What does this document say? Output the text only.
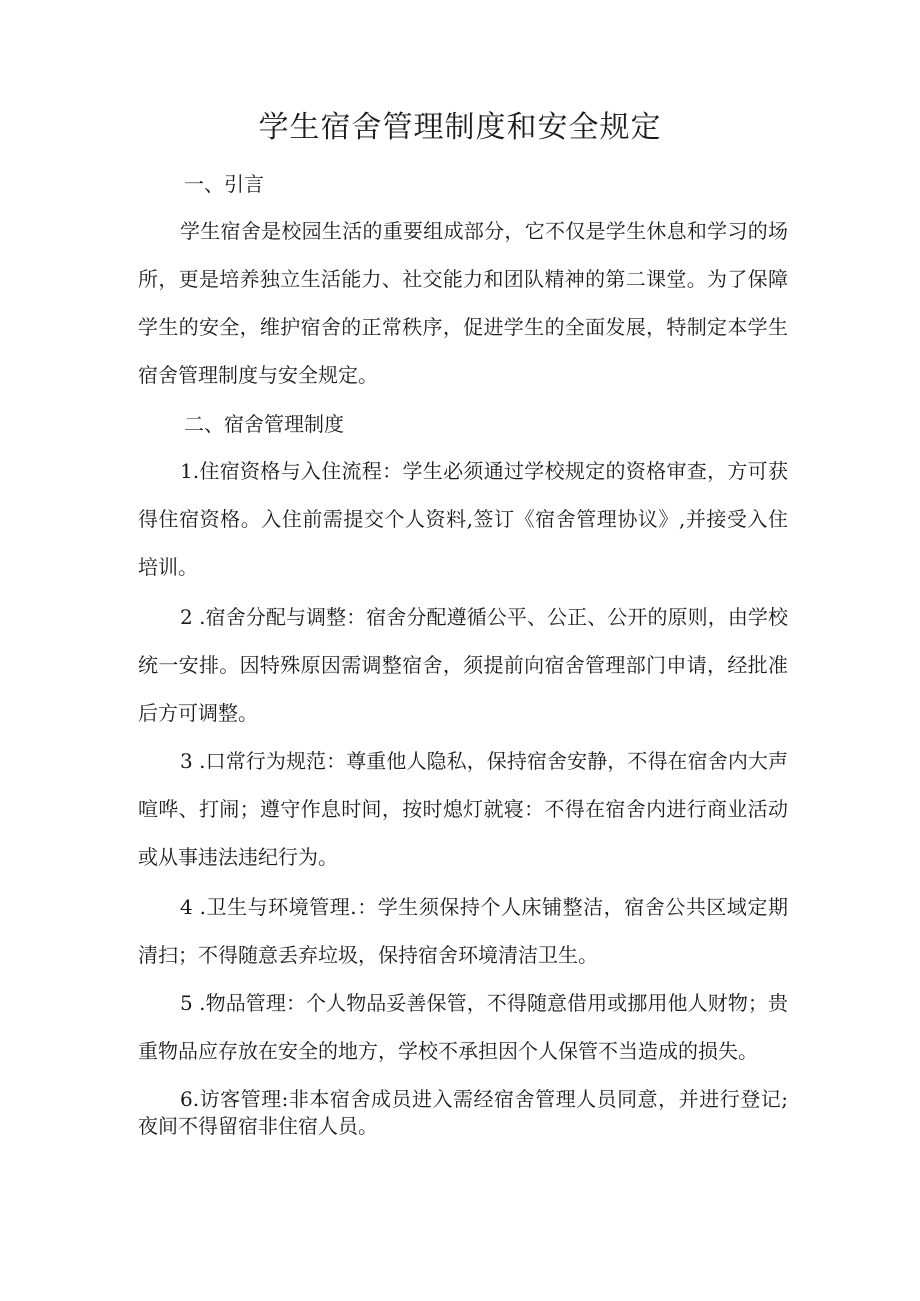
学生宿舍管理制度和安全规定
一、引言

学生宿舍是校园生活的重要组成部分，它不仅是学生休息和学习的场所，更是培养独立生活能力、社交能力和团队精神的第二课堂。为了保障学生的安全，维护宿舍的正常秩序，促进学生的全面发展，特制定本学生宿舍管理制度与安全规定。

二、宿舍管理制度

1.住宿资格与入住流程：学生必须通过学校规定的资格审查，方可获得住宿资格。入住前需提交个人资料,签订《宿舍管理协议》,并接受入住培训。

2 .宿舍分配与调整：宿舍分配遵循公平、公正、公开的原则，由学校统一安排。因特殊原因需调整宿舍，须提前向宿舍管理部门申请，经批准后方可调整。

3 .口常行为规范：尊重他人隐私，保持宿舍安静，不得在宿舍内大声喧哗、打闹；遵守作息时间，按时熄灯就寝：不得在宿舍内进行商业活动或从事违法违纪行为。

4 .卫生与环境管理.：学生须保持个人床铺整洁，宿舍公共区域定期清扫；不得随意丢弃垃圾，保持宿舍环境清洁卫生。

5 .物品管理：个人物品妥善保管，不得随意借用或挪用他人财物；贵重物品应存放在安全的地方，学校不承担因个人保管不当造成的损失。

6.访客管理:非本宿舍成员进入需经宿舍管理人员同意，并进行登记;夜间不得留宿非住宿人员。
